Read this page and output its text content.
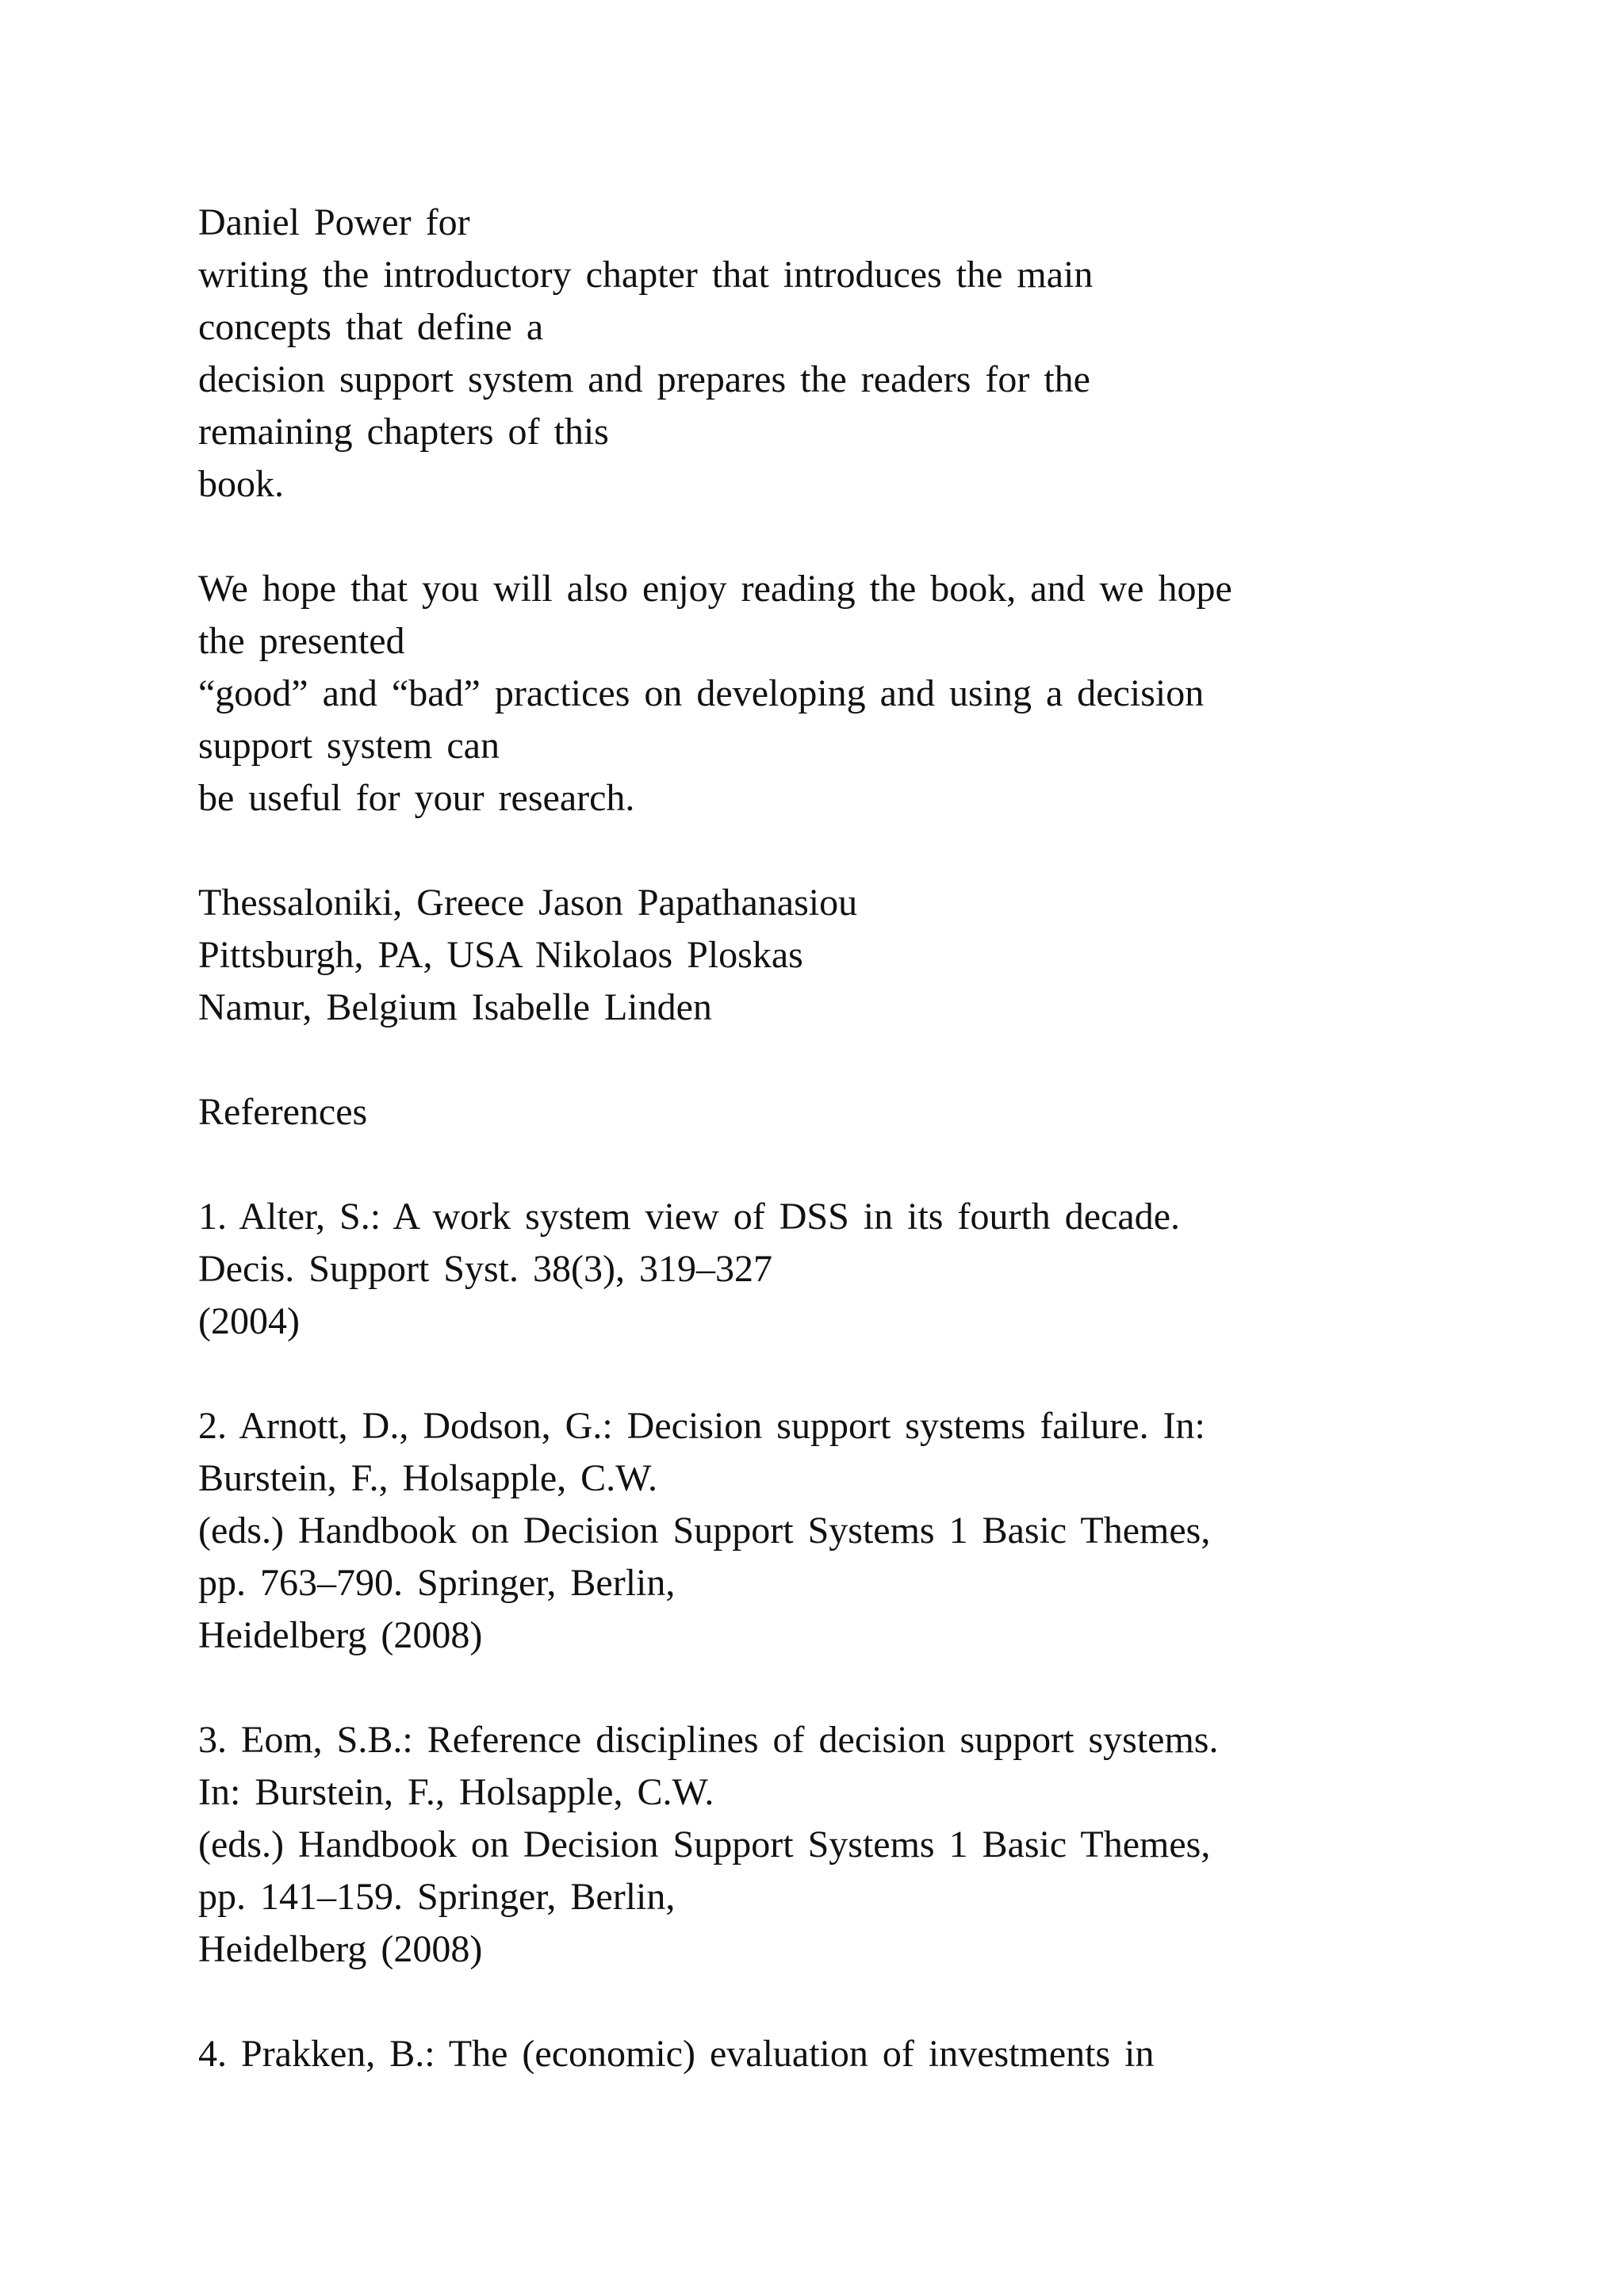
Daniel Power for
writing the introductory chapter that introduces the main
concepts that define a
decision support system and prepares the readers for the
remaining chapters of this
book.
We hope that you will also enjoy reading the book, and we hope
the presented
“good” and “bad” practices on developing and using a decision
support system can
be useful for your research.
Thessaloniki, Greece Jason Papathanasiou
Pittsburgh, PA, USA Nikolaos Ploskas
Namur, Belgium Isabelle Linden
References
1. Alter, S.: A work system view of DSS in its fourth decade.
Decis. Support Syst. 38(3), 319–327
(2004)
2. Arnott, D., Dodson, G.: Decision support systems failure. In:
Burstein, F., Holsapple, C.W.
(eds.) Handbook on Decision Support Systems 1 Basic Themes,
pp. 763–790. Springer, Berlin,
Heidelberg (2008)
3. Eom, S.B.: Reference disciplines of decision support systems.
In: Burstein, F., Holsapple, C.W.
(eds.) Handbook on Decision Support Systems 1 Basic Themes,
pp. 141–159. Springer, Berlin,
Heidelberg (2008)
4. Prakken, B.: The (economic) evaluation of investments in
